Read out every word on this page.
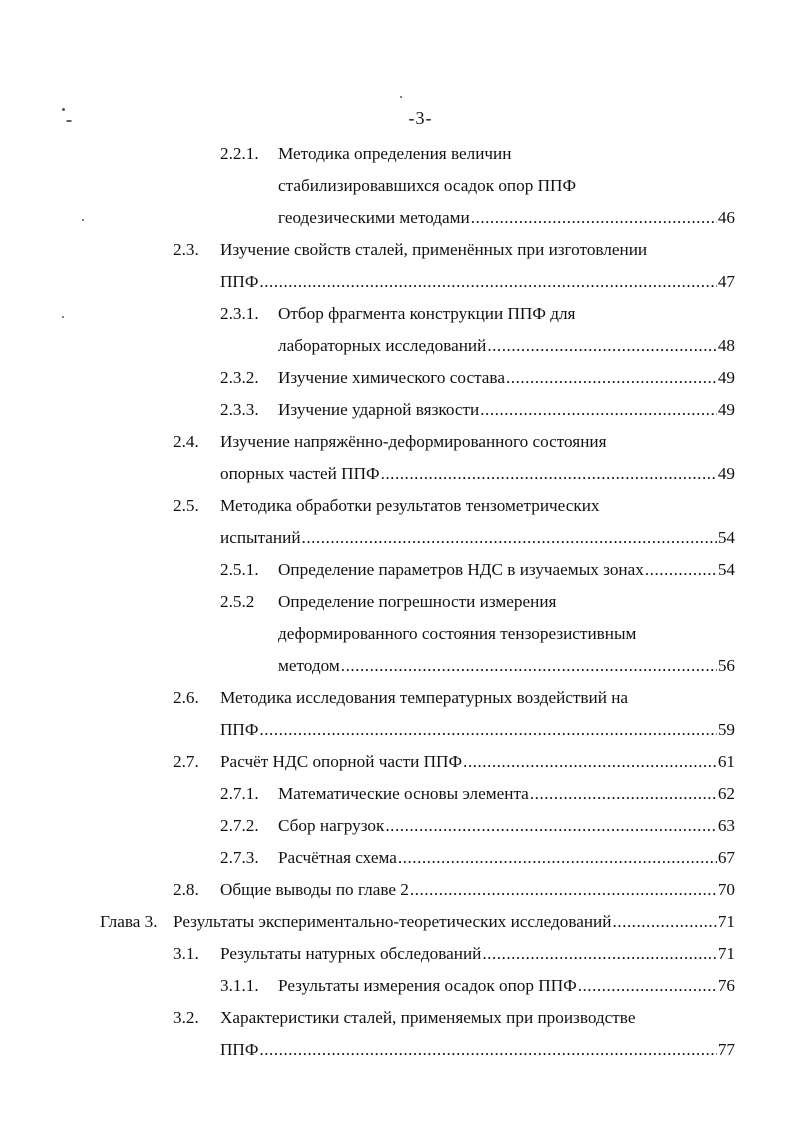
-3-
2.2.1.	Методика определения величин
стабилизировавшихся осадок опор ППФ
геодезическими методами .....	46
2.3.	Изучение свойств сталей, применённых при изготовлении
ППФ .....	47
2.3.1.	Отбор фрагмента конструкции ППФ для
лабораторных исследований .....	48
2.3.2.	Изучение химического состава .....	49
2.3.3.	Изучение ударной вязкости .....	49
2.4.	Изучение напряжённо-деформированного состояния
опорных частей ППФ .....	49
2.5.	Методика обработки результатов тензометрических
испытаний .....	54
2.5.1.	Определение параметров НДС в изучаемых зонах .....	54
2.5.2	Определение погрешности измерения
деформированного состояния тензорезистивным
методом .....	56
2.6.	Методика исследования температурных воздействий на
ППФ .....	59
2.7.	Расчёт НДС опорной части ППФ .....	61
2.7.1.	Математические основы элемента .....	62
2.7.2.	Сбор нагрузок .....	63
2.7.3.	Расчётная схема .....	67
2.8.	Общие выводы по главе 2 .....	70
Глава 3. Результаты экспериментально-теоретических исследований .....	71
3.1.	Результаты натурных обследований .....	71
3.1.1.	Результаты измерения осадок опор ППФ .....	76
3.2.	Характеристики сталей, применяемых при производстве
ППФ .....	77
